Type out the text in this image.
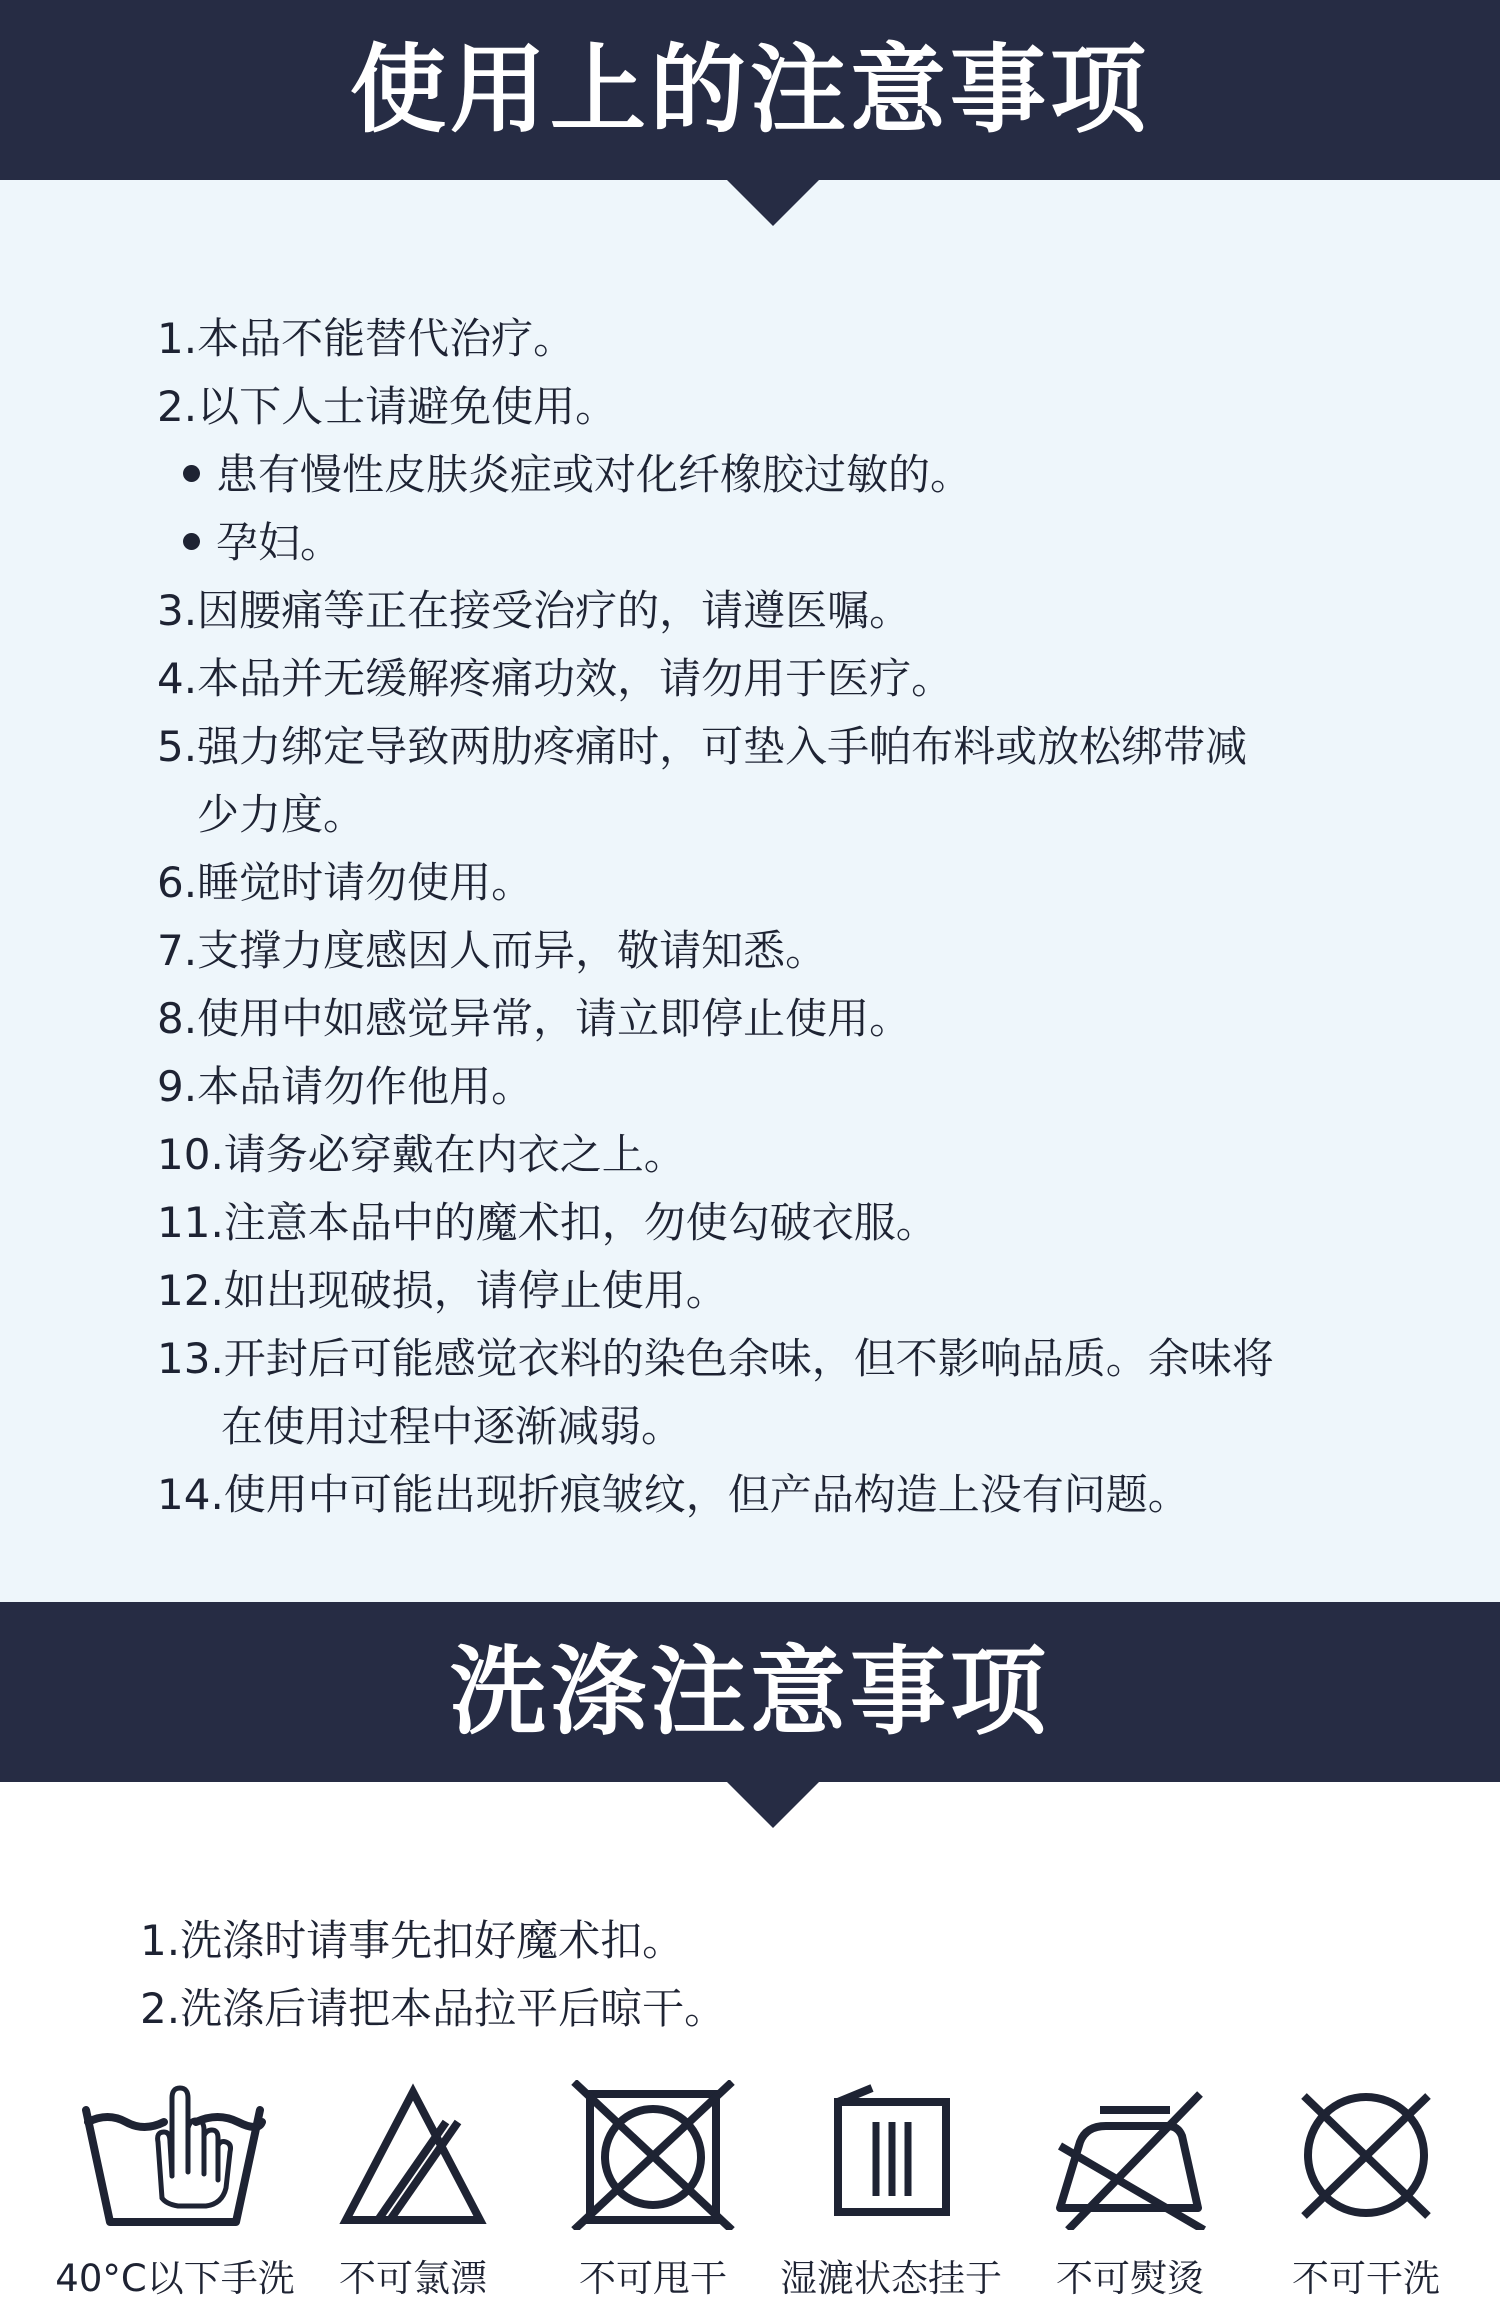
使用上的注意事项
1.本品不能替代治疗。
2.以下人士请避免使用。
患有慢性皮肤炎症或对化纤橡胶过敏的。
孕妇。
3.因腰痛等正在接受治疗的，请遵医嘱。
4.本品并无缓解疼痛功效，请勿用于医疗。
5.强力绑定导致两肋疼痛时，可垫入手帕布料或放松绑带减
少力度。
6.睡觉时请勿使用。
7.支撑力度感因人而异，敬请知悉。
8.使用中如感觉异常，请立即停止使用。
9.本品请勿作他用。
10.请务必穿戴在内衣之上。
11.注意本品中的魔术扣，勿使勾破衣服。
12.如出现破损，请停止使用。
13.开封后可能感觉衣料的染色余味，但不影响品质。余味将
在使用过程中逐渐减弱。
14.使用中可能出现折痕皱纹，但产品构造上没有问题。
洗涤注意事项
1.洗涤时请事先扣好魔术扣。
2.洗涤后请把本品拉平后晾干。
40°C以下手洗	不可氯漂	不可甩干	湿漉状态挂于	不可熨烫	不可干洗
